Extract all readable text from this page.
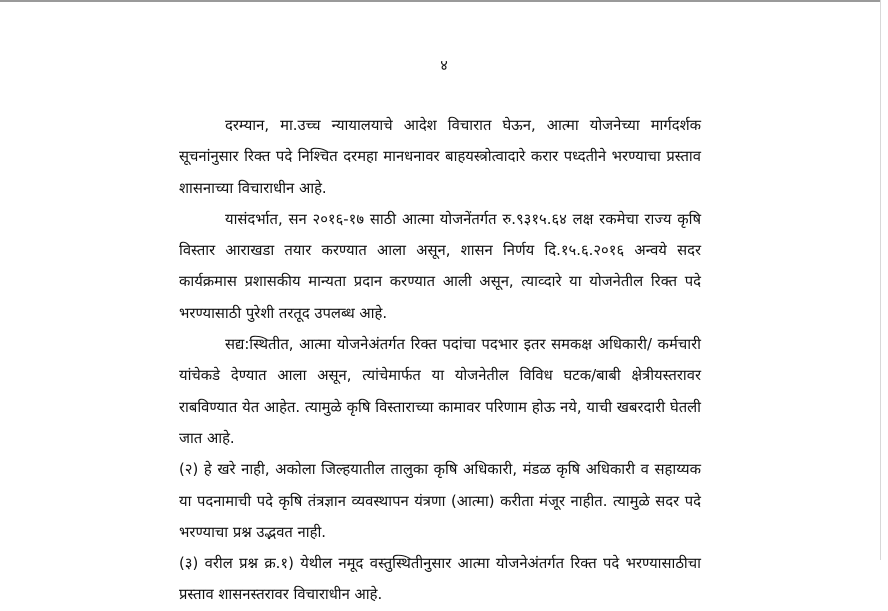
४

दरम्यान, मा.उच्च न्यायालयाचे आदेश विचारात घेऊन, आत्मा योजनेच्या मार्गदर्शक सूचनांनुसार रिक्त पदे निश्चित दरमहा मानधनावर बाहयस्त्रोत्वादारे करार पध्दतीने भरण्याचा प्रस्ताव शासनाच्या विचाराधीन आहे.

यासंदर्भात, सन २०१६-१७ साठी आत्मा योजनेंतर्गत रु.९३१५.६४ लक्ष रकमेचा राज्य कृषि विस्तार आराखडा तयार करण्यात आला असून, शासन निर्णय दि.१५.६.२०१६ अन्वये सदर कार्यक्रमास प्रशासकीय मान्यता प्रदान करण्यात आली असून, त्याव्दारे या योजनेतील रिक्त पदे भरण्यासाठी पुरेशी तरतूद उपलब्ध आहे.

सद्य:स्थितीत, आत्मा योजनेअंतर्गत रिक्त पदांचा पदभार इतर समकक्ष अधिकारी/ कर्मचारी यांचेकडे देण्यात आला असून, त्यांचेमार्फत या योजनेतील विविध घटक/बाबी क्षेत्रीयस्तरावर राबविण्यात येत आहेत. त्यामुळे कृषि विस्ताराच्या कामावर परिणाम होऊ नये, याची खबरदारी घेतली जात आहे.

(२) हे खरे नाही, अकोला जिल्हयातील तालुका कृषि अधिकारी, मंडळ कृषि अधिकारी व सहाय्यक या पदनामाची पदे कृषि तंत्रज्ञान व्यवस्थापन यंत्रणा (आत्मा) करीता मंजूर नाहीत. त्यामुळे सदर पदे भरण्याचा प्रश्न उद्भवत नाही.

(३) वरील प्रश्न क्र.१) येथील नमूद वस्तुस्थितीनुसार आत्मा योजनेअंतर्गत रिक्त पदे भरण्यासाठीचा प्रस्ताव शासनस्तरावर विचाराधीन आहे.
